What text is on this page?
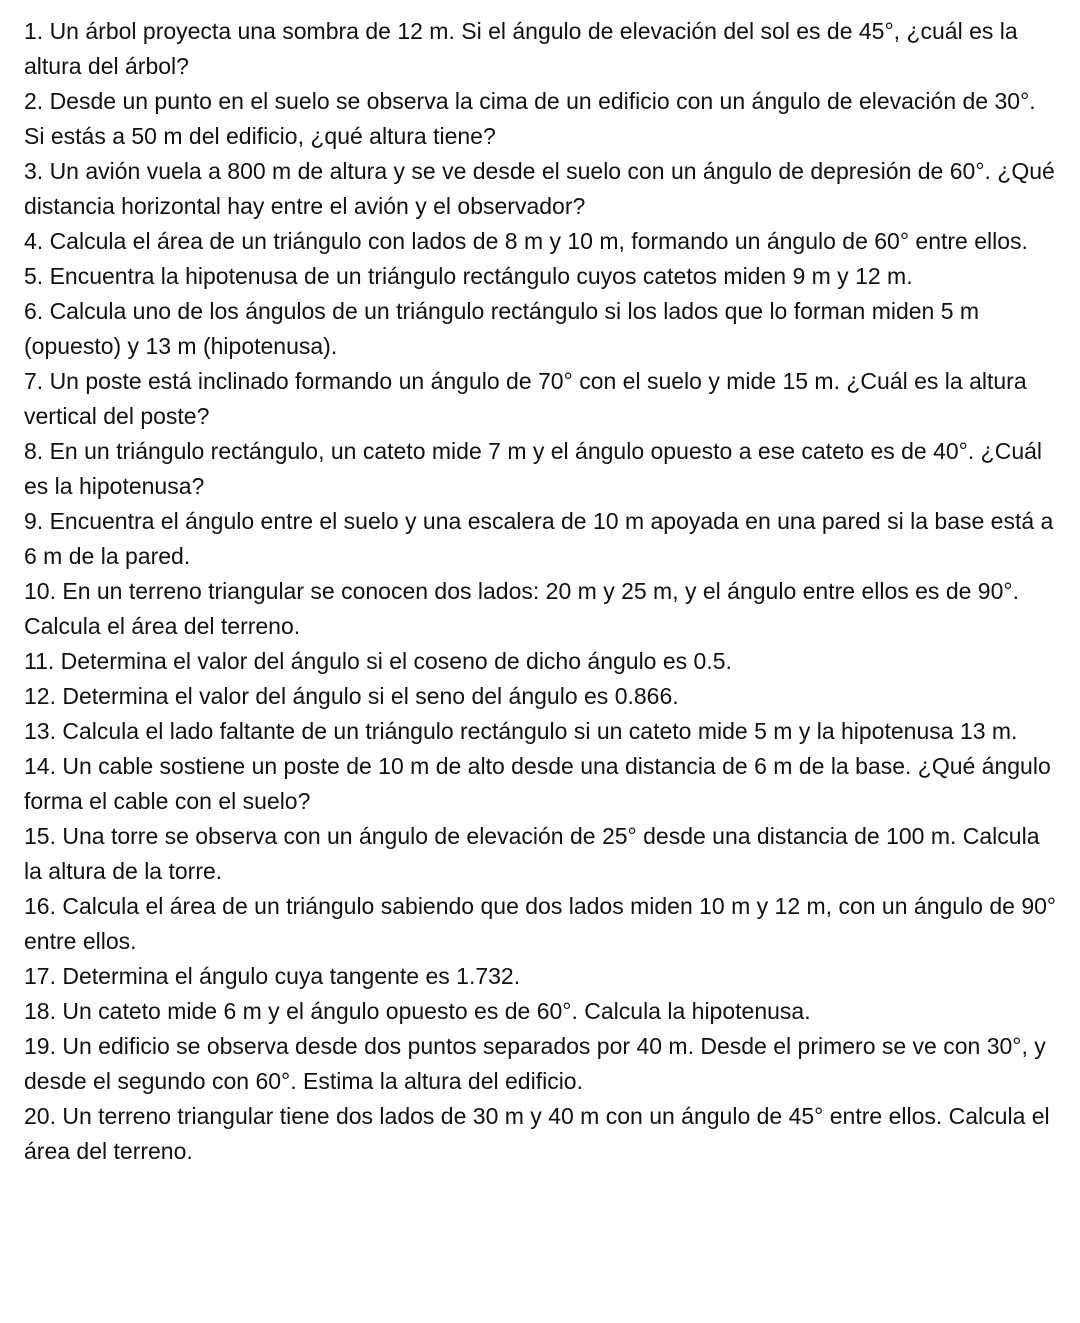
1. Un árbol proyecta una sombra de 12 m. Si el ángulo de elevación del sol es de 45°, ¿cuál es la altura del árbol?

2. Desde un punto en el suelo se observa la cima de un edificio con un ángulo de elevación de 30°. Si estás a 50 m del edificio, ¿qué altura tiene?

3. Un avión vuela a 800 m de altura y se ve desde el suelo con un ángulo de depresión de 60°. ¿Qué distancia horizontal hay entre el avión y el observador?

4. Calcula el área de un triángulo con lados de 8 m y 10 m, formando un ángulo de 60° entre ellos.

5. Encuentra la hipotenusa de un triángulo rectángulo cuyos catetos miden 9 m y 12 m.

6. Calcula uno de los ángulos de un triángulo rectángulo si los lados que lo forman miden 5 m (opuesto) y 13 m (hipotenusa).

7. Un poste está inclinado formando un ángulo de 70° con el suelo y mide 15 m. ¿Cuál es la altura vertical del poste?

8. En un triángulo rectángulo, un cateto mide 7 m y el ángulo opuesto a ese cateto es de 40°. ¿Cuál es la hipotenusa?

9. Encuentra el ángulo entre el suelo y una escalera de 10 m apoyada en una pared si la base está a 6 m de la pared.

10. En un terreno triangular se conocen dos lados: 20 m y 25 m, y el ángulo entre ellos es de 90°. Calcula el área del terreno.

11. Determina el valor del ángulo si el coseno de dicho ángulo es 0.5.

12. Determina el valor del ángulo si el seno del ángulo es 0.866.

13. Calcula el lado faltante de un triángulo rectángulo si un cateto mide 5 m y la hipotenusa 13 m.

14. Un cable sostiene un poste de 10 m de alto desde una distancia de 6 m de la base. ¿Qué ángulo forma el cable con el suelo?

15. Una torre se observa con un ángulo de elevación de 25° desde una distancia de 100 m. Calcula la altura de la torre.

16. Calcula el área de un triángulo sabiendo que dos lados miden 10 m y 12 m, con un ángulo de 90° entre ellos.

17. Determina el ángulo cuya tangente es 1.732.

18. Un cateto mide 6 m y el ángulo opuesto es de 60°. Calcula la hipotenusa.

19. Un edificio se observa desde dos puntos separados por 40 m. Desde el primero se ve con 30°, y desde el segundo con 60°. Estima la altura del edificio.

20. Un terreno triangular tiene dos lados de 30 m y 40 m con un ángulo de 45° entre ellos. Calcula el área del terreno.
